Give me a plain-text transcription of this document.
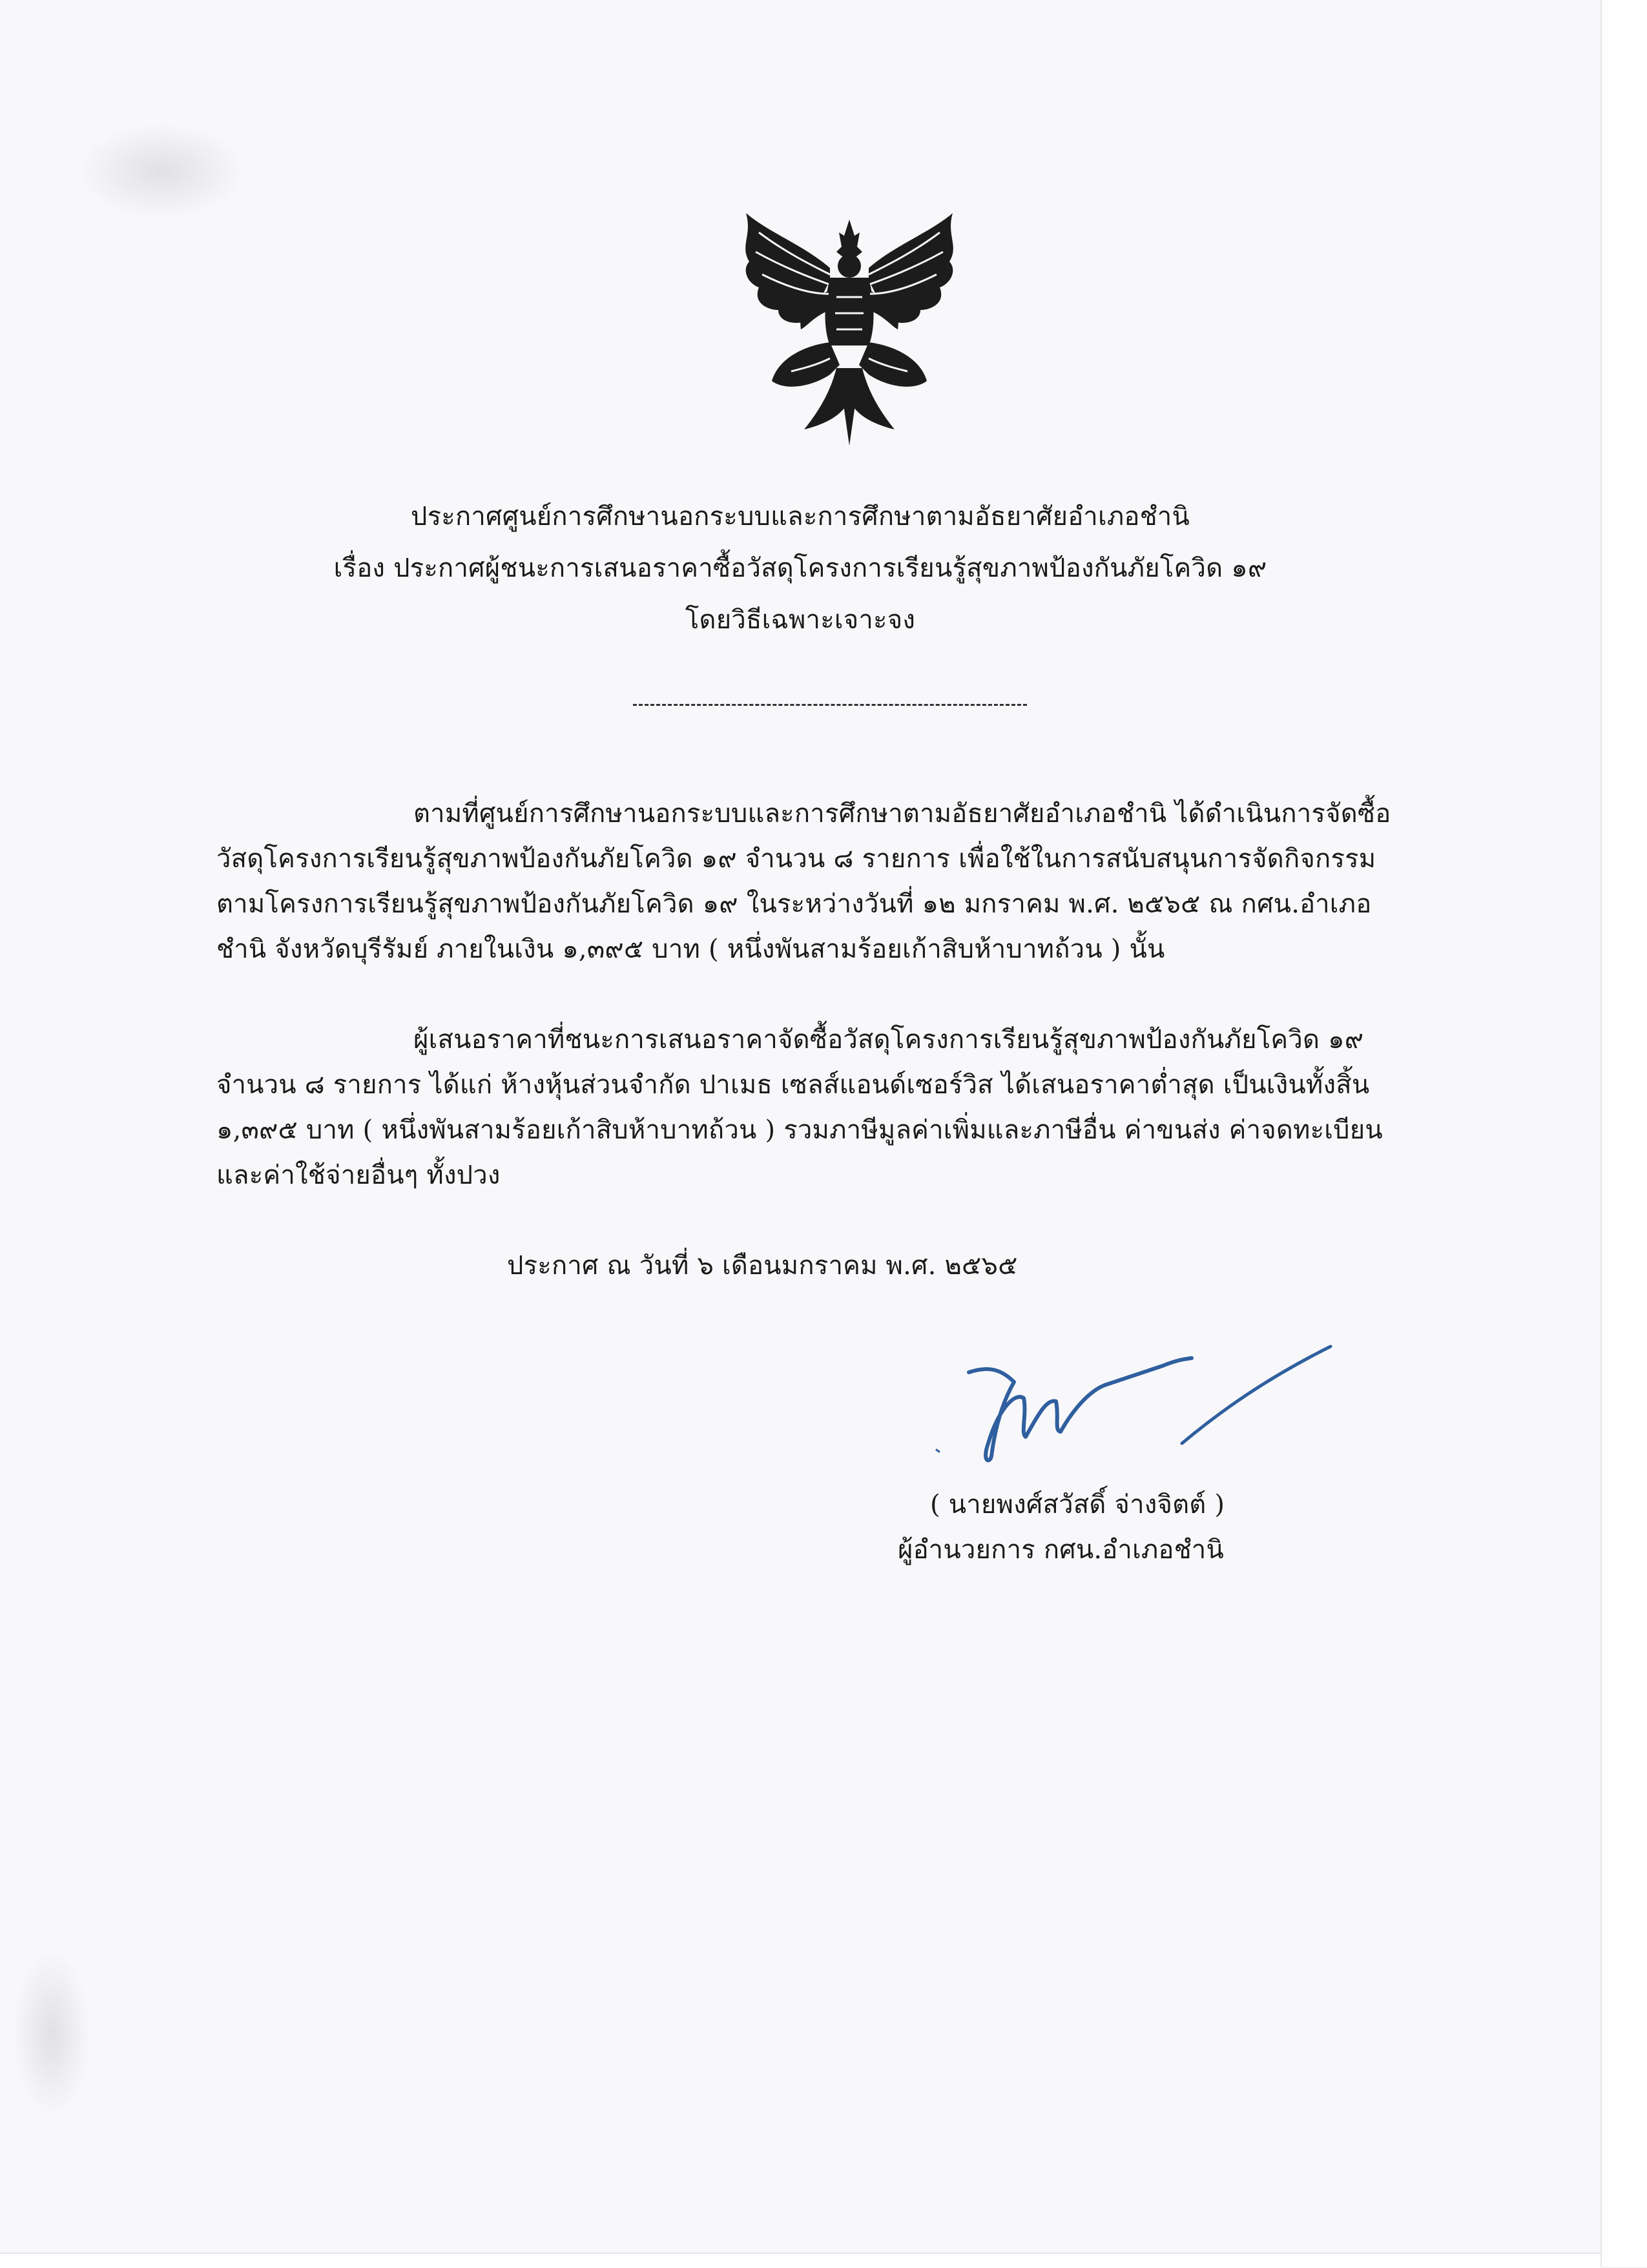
ประกาศศูนย์การศึกษานอกระบบและการศึกษาตามอัธยาศัยอำเภอชำนิ
เรื่อง ประกาศผู้ชนะการเสนอราคาซื้อวัสดุโครงการเรียนรู้สุขภาพป้องกันภัยโควิด ๑๙
โดยวิธีเฉพาะเจาะจง
ตามที่ศูนย์การศึกษานอกระบบและการศึกษาตามอัธยาศัยอำเภอชำนิ ได้ดำเนินการจัดซื้อ
วัสดุโครงการเรียนรู้สุขภาพป้องกันภัยโควิด ๑๙ จำนวน ๘ รายการ เพื่อใช้ในการสนับสนุนการจัดกิจกรรม
ตามโครงการเรียนรู้สุขภาพป้องกันภัยโควิด ๑๙ ในระหว่างวันที่ ๑๒ มกราคม พ.ศ. ๒๕๖๕ ณ กศน.อำเภอ
ชำนิ จังหวัดบุรีรัมย์ ภายในเงิน ๑,๓๙๕ บาท ( หนึ่งพันสามร้อยเก้าสิบห้าบาทถ้วน ) นั้น
ผู้เสนอราคาที่ชนะการเสนอราคาจัดซื้อวัสดุโครงการเรียนรู้สุขภาพป้องกันภัยโควิด ๑๙
จำนวน ๘ รายการ ได้แก่ ห้างหุ้นส่วนจำกัด ปาเมธ เซลส์แอนด์เซอร์วิส ได้เสนอราคาต่ำสุด เป็นเงินทั้งสิ้น
๑,๓๙๕ บาท ( หนึ่งพันสามร้อยเก้าสิบห้าบาทถ้วน ) รวมภาษีมูลค่าเพิ่มและภาษีอื่น ค่าขนส่ง ค่าจดทะเบียน
และค่าใช้จ่ายอื่นๆ ทั้งปวง
ประกาศ ณ วันที่ ๖ เดือนมกราคม พ.ศ. ๒๕๖๕
( นายพงศ์สวัสดิ์ จ่างจิตต์ )
ผู้อำนวยการ กศน.อำเภอชำนิ
